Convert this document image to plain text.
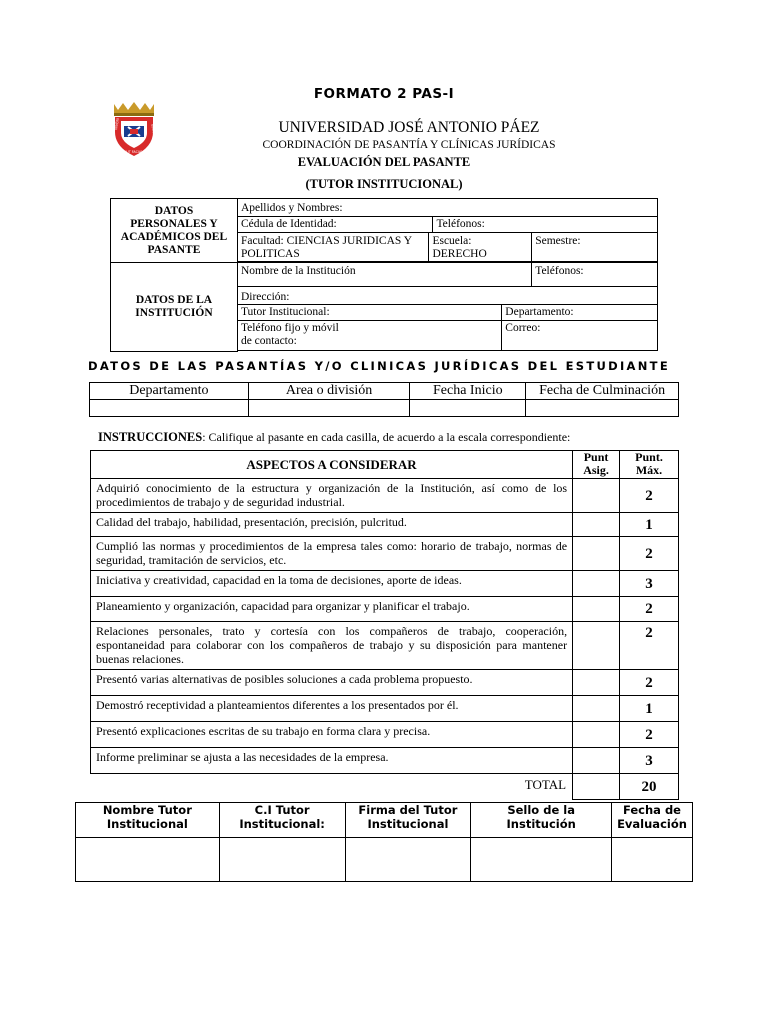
FORMATO 2 PAS-I
INVENI	VIAM
AUT FACIAM
UNIVERSIDAD JOSÉ ANTONIO PÁEZ
COORDINACIÓN DE PASANTÍA Y CLÍNICAS JURÍDICAS
EVALUACIÓN DEL PASANTE
(TUTOR INSTITUCIONAL)
DATOS PERSONALES Y ACADÉMICOS DEL PASANTE	Apellidos y Nombres:				
	Cédula de Identidad:		Teléfonos:		
	Facultad: CIENCIAS JURIDICAS Y POLITICAS	Escuela: DERECHO			Semestre:

DATOS DE LA INSTITUCIÓN	Nombre de la Institución				Teléfonos:
	Dirección:				
	Tutor Institucional:			Departamento:	

	Teléfono fijo y móvil de contacto:			Correo:	

DATOS DE LAS PASANTÍAS Y/O CLINICAS JURÍDICAS DEL ESTUDIANTE
Departamento	Area o división	Fecha Inicio	Fecha de Culminación

INSTRUCCIONES: Califique al pasante en cada casilla, de acuerdo a la escala correspondiente:
ASPECTOS A CONSIDERAR	Punt Asig.	Punt. Máx.
Adquirió conocimiento de la estructura y organización de la Institución, así como de los procedimientos de trabajo y de seguridad industrial.		2
Calidad del trabajo, habilidad, presentación, precisión, pulcritud.		1
Cumplió las normas y procedimientos de la empresa tales como: horario de trabajo, normas de seguridad, tramitación de servicios, etc.		2
Iniciativa y creatividad, capacidad en la toma de decisiones, aporte de ideas.		3
Planeamiento y organización, capacidad para organizar y planificar el trabajo.		2
Relaciones personales, trato y cortesía con los compañeros de trabajo, cooperación, espontaneidad para colaborar con los compañeros de trabajo y su disposición para mantener buenas relaciones.		2
Presentó varias alternativas de posibles soluciones a cada problema propuesto.		2
Demostró receptividad a planteamientos diferentes a los presentados por él.		1
Presentó explicaciones escritas de su trabajo en forma clara y precisa.		2
Informe preliminar se ajusta a las necesidades de la empresa.		3
TOTAL		20
Nombre Tutor Institucional	C.I Tutor Institucional:	Firma del Tutor Institucional	Sello de la Institución	Fecha de Evaluación
